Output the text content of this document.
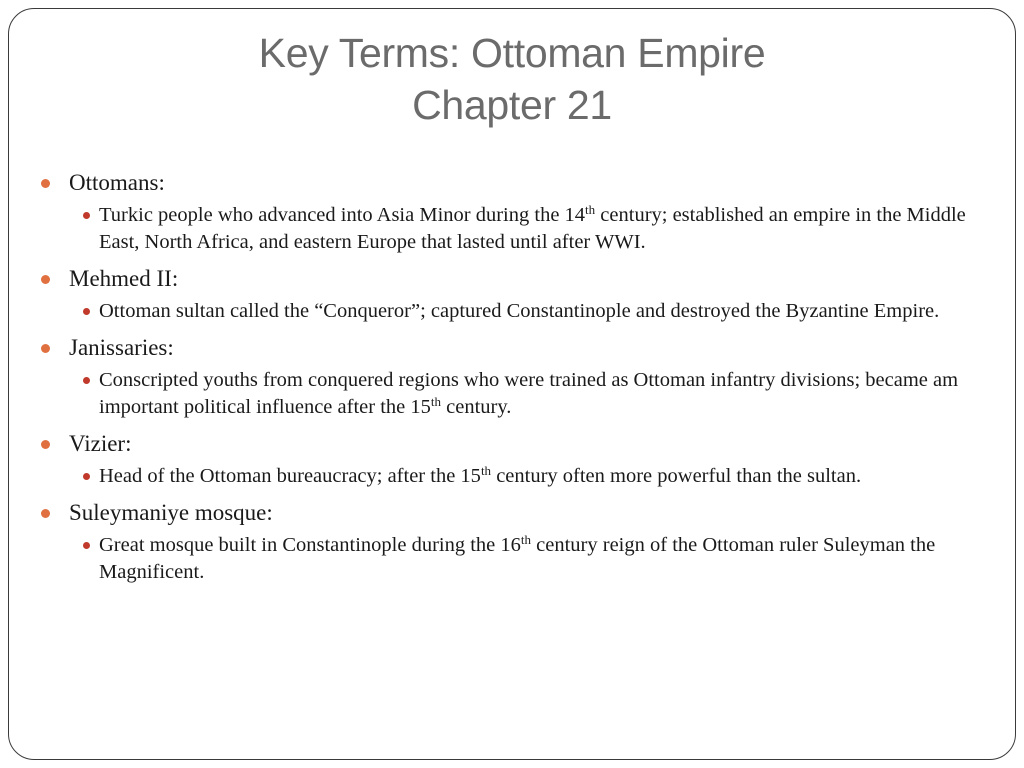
Key Terms: Ottoman Empire
Chapter 21
Ottomans:
Turkic people who advanced into Asia Minor during the 14th century; established an empire in the Middle East, North Africa, and eastern Europe that lasted until after WWI.
Mehmed II:
Ottoman sultan called the “Conqueror”; captured Constantinople and destroyed the Byzantine Empire.
Janissaries:
Conscripted youths from conquered regions who were trained as Ottoman infantry divisions; became am important political influence after the 15th century.
Vizier:
Head of the Ottoman bureaucracy; after the 15th century often more powerful than the sultan.
Suleymaniye mosque:
Great mosque built in Constantinople during the 16th century reign of the Ottoman ruler Suleyman the Magnificent.
